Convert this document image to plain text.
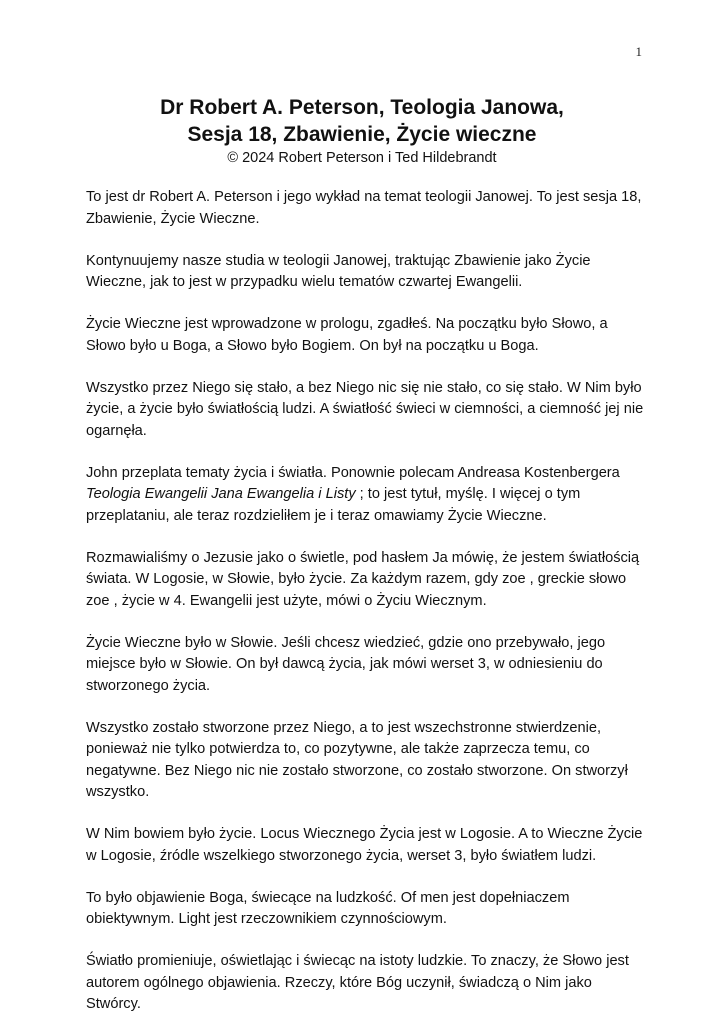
1

Dr Robert A. Peterson, Teologia Janowa,

Sesja 18, Zbawienie, Życie wieczne

© 2024 Robert Peterson i Ted Hildebrandt

To jest dr Robert A. Peterson i jego wykład na temat teologii Janowej. To jest sesja 18, Zbawienie, Życie Wieczne.

Kontynuujemy nasze studia w teologii Janowej, traktując Zbawienie jako Życie Wieczne, jak to jest w przypadku wielu tematów czwartej Ewangelii.

Życie Wieczne jest wprowadzone w prologu, zgadłeś. Na początku było Słowo, a Słowo było u Boga, a Słowo było Bogiem. On był na początku u Boga.

Wszystko przez Niego się stało, a bez Niego nic się nie stało, co się stało. W Nim było życie, a życie było światłością ludzi. A światłość świeci w ciemności, a ciemność jej nie ogarnęła.

John przeplata tematy życia i światła. Ponownie polecam Andreasa Kostenbergera Teologia Ewangelii Jana Ewangelia i Listy ; to jest tytuł, myślę. I więcej o tym przeplataniu, ale teraz rozdzieliłem je i teraz omawiamy Życie Wieczne.

Rozmawialiśmy o Jezusie jako o świetle, pod hasłem Ja mówię, że jestem światłością świata. W Logosie, w Słowie, było życie. Za każdym razem, gdy zoe , greckie słowo zoe , życie w 4. Ewangelii jest użyte, mówi o Życiu Wiecznym.

Życie Wieczne było w Słowie. Jeśli chcesz wiedzieć, gdzie ono przebywało, jego miejsce było w Słowie. On był dawcą życia, jak mówi werset 3, w odniesieniu do stworzonego życia.

Wszystko zostało stworzone przez Niego, a to jest wszechstronne stwierdzenie, ponieważ nie tylko potwierdza to, co pozytywne, ale także zaprzecza temu, co negatywne. Bez Niego nic nie zostało stworzone, co zostało stworzone. On stworzył wszystko.

W Nim bowiem było życie. Locus Wiecznego Życia jest w Logosie. A to Wieczne Życie w Logosie, źródle wszelkiego stworzonego życia, werset 3, było światłem ludzi.

To było objawienie Boga, świecące na ludzkość. Of men jest dopełniaczem obiektywnym. Light jest rzeczownikiem czynnościowym.

Światło promieniuje, oświetlając i świecąc na istoty ludzkie. To znaczy, że Słowo jest autorem ogólnego objawienia. Rzeczy, które Bóg uczynił, świadczą o Nim jako Stwórcy.
